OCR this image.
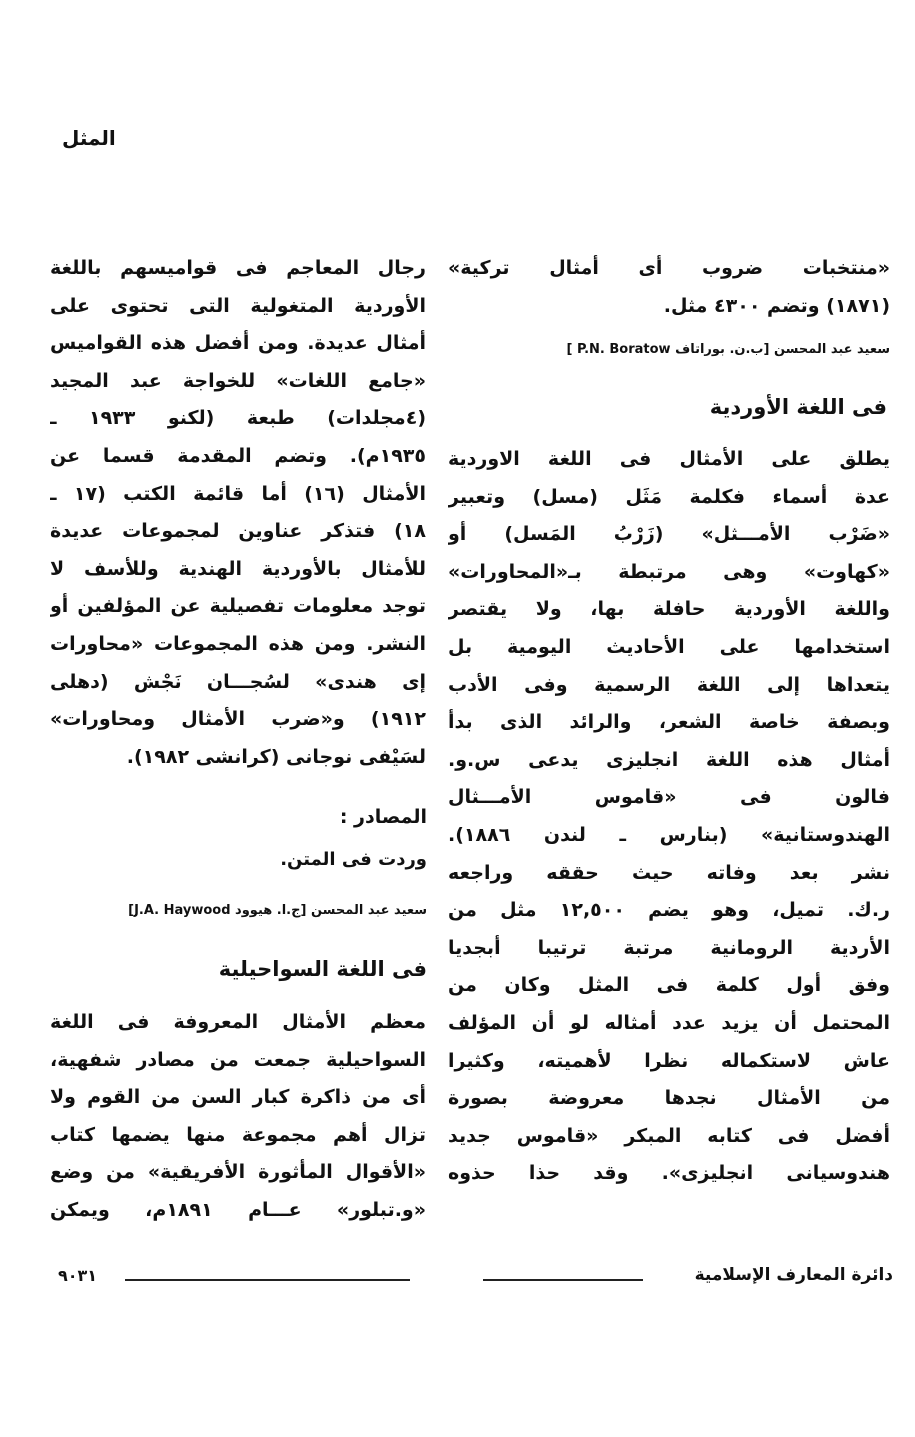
المثل
«منتخبات ضروب أى أمثال تركية»
(١٨٧١) وتضم ٤٣٠٠ مثل.
سعيد عبد المحسن [ب.ن. بوراتاف P.N. Boratow ]
فى اللغة الأوردية
يطلق على الأمثال فى اللغة الاوردية
عدة أسماء فكلمة مَثَل (مسل) وتعبير
«ضَرْب الأمـــثل» (زَرْبُ المَسل) أو
«كهاوت» وهى مرتبطة بـ«المحاورات»
واللغة الأوردية حافلة بها، ولا يقتصر
استخدامها على الأحاديث اليومية بل
يتعداها إلى اللغة الرسمية وفى الأدب
وبصفة خاصة الشعر، والرائد الذى بدأ
أمثال هذه اللغة انجليزى يدعى س.و.
فالون فى «قاموس الأمـــثال
الهندوستانية» (بنارس ـ لندن ١٨٨٦).
نشر بعد وفاته حيث حققه وراجعه
ر.ك. تميل، وهو يضم ١٢,٥٠٠ مثل من
الأردية الرومانية مرتبة ترتيبا أبجديا
وفق أول كلمة فى المثل وكان من
المحتمل أن يزيد عدد أمثاله لو أن المؤلف
عاش لاستكماله نظرا لأهميته، وكثيرا
من الأمثال نجدها معروضة بصورة
أفضل فى كتابه المبكر «قاموس جديد
هندوسيانى انجليزى». وقد حذا حذوه
رجال المعاجم فى قواميسهم باللغة
الأوردية المتغولية التى تحتوى على
أمثال عديدة. ومن أفضل هذه القواميس
«جامع اللغات» للخواجة عبد المجيد
(٤مجلدات) طبعة (لكنو ١٩٣٣ ـ
١٩٣٥م). وتضم المقدمة قسما عن
الأمثال (١٦) أما قائمة الكتب (١٧ ـ
١٨) فتذكر عناوين لمجموعات عديدة
للأمثال بالأوردية الهندية وللأسف لا
توجد معلومات تفصيلية عن المؤلفين أو
النشر. ومن هذه المجموعات «محاورات
إى هندى» لسُجـــان نَجْش (دهلى
١٩١٢) و«ضرب الأمثال ومحاورات»
لسَيْفى نوجانى (كرانشى ١٩٨٢).
المصادر :
وردت فى المتن.
سعيد عبد المحسن [ج.ا. هيوود J.A. Haywood]
فى اللغة السواحيلية
معظم الأمثال المعروفة فى اللغة
السواحيلية جمعت من مصادر شفهية،
أى من ذاكرة كبار السن من القوم ولا
تزال أهم مجموعة منها يضمها كتاب
«الأقوال المأثورة الأفريقية» من وضع
«و.تبلور» عـــام ١٨٩١م، ويمكن
دائرة المعارف الإسلامية
٩٠٣١
